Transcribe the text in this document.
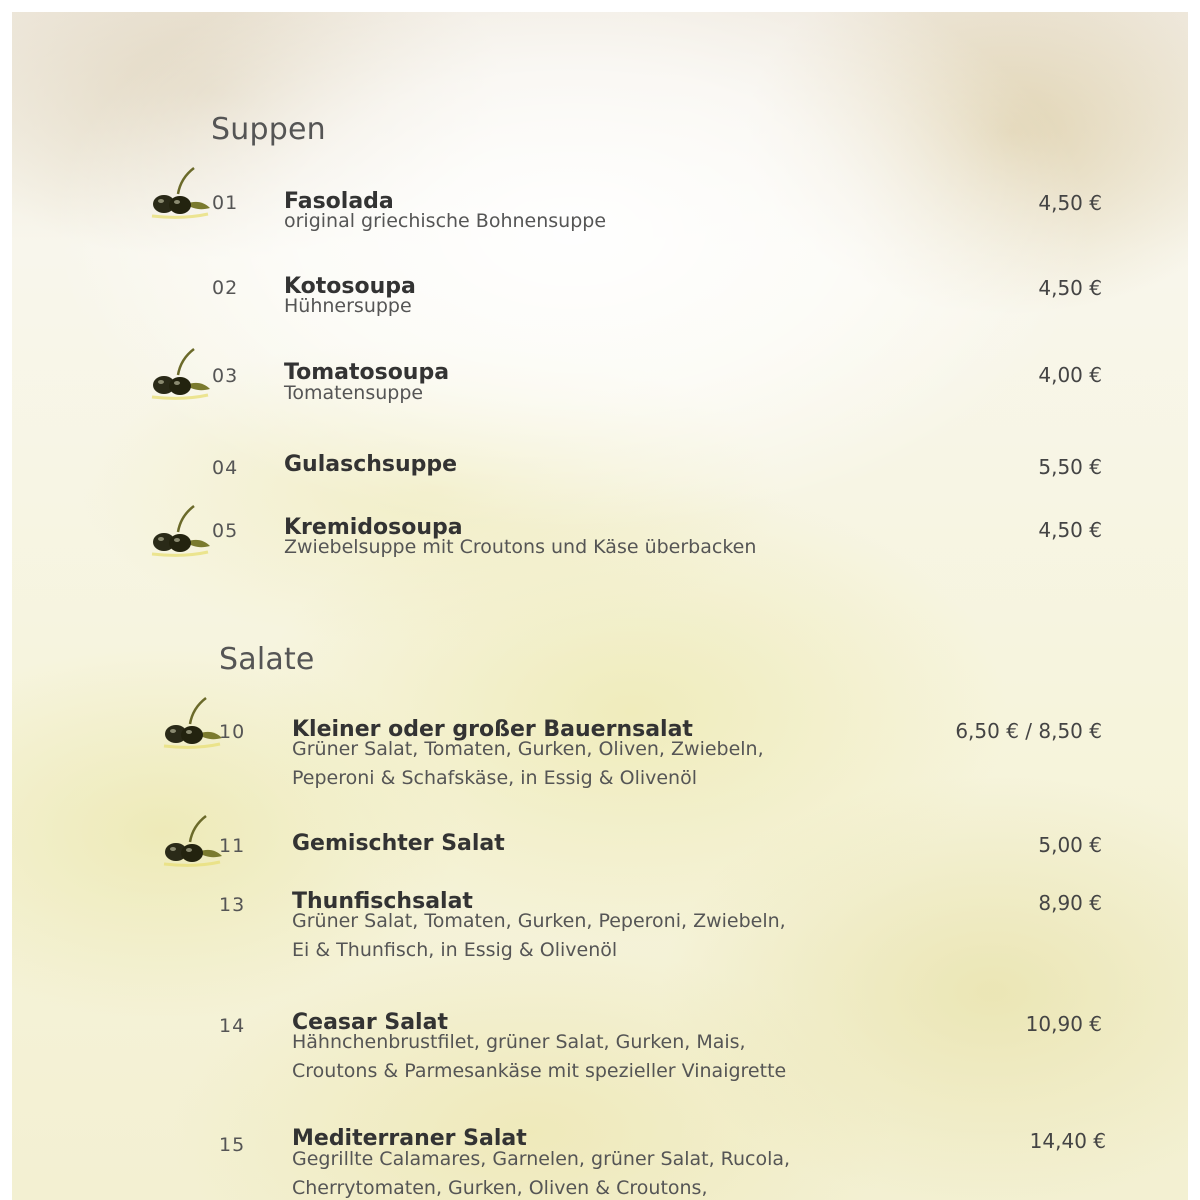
Suppen
01 Fasolada
original griechische Bohnensuppe
4,50 €
02 Kotosoupa
Hühnersuppe
4,50 €
03 Tomatosoupa
Tomatensuppe
4,00 €
04 Gulaschsuppe	5,50 €
05 Kremidosoupa
Zwiebelsuppe mit Croutons und Käse überbacken
4,50 €
Salate
10 Kleiner oder großer Bauernsalat
Grüner Salat, Tomaten, Gurken, Oliven, Zwiebeln,
Peperoni & Schafskäse, in Essig & Olivenöl
6,50 € / 8,50 €
11 Gemischter Salat	5,00 €
13 Thunfischsalat
Grüner Salat, Tomaten, Gurken, Peperoni, Zwiebeln,
Ei & Thunfisch, in Essig & Olivenöl
8,90 €
14 Ceasar Salat
Hähnchenbrustfilet, grüner Salat, Gurken, Mais,
Croutons & Parmesankäse mit spezieller Vinaigrette
10,90 €
15 Mediterraner Salat
Gegrillte Calamares, Garnelen, grüner Salat, Rucola,
Cherrytomaten, Gurken, Oliven & Croutons,
14,40 €
